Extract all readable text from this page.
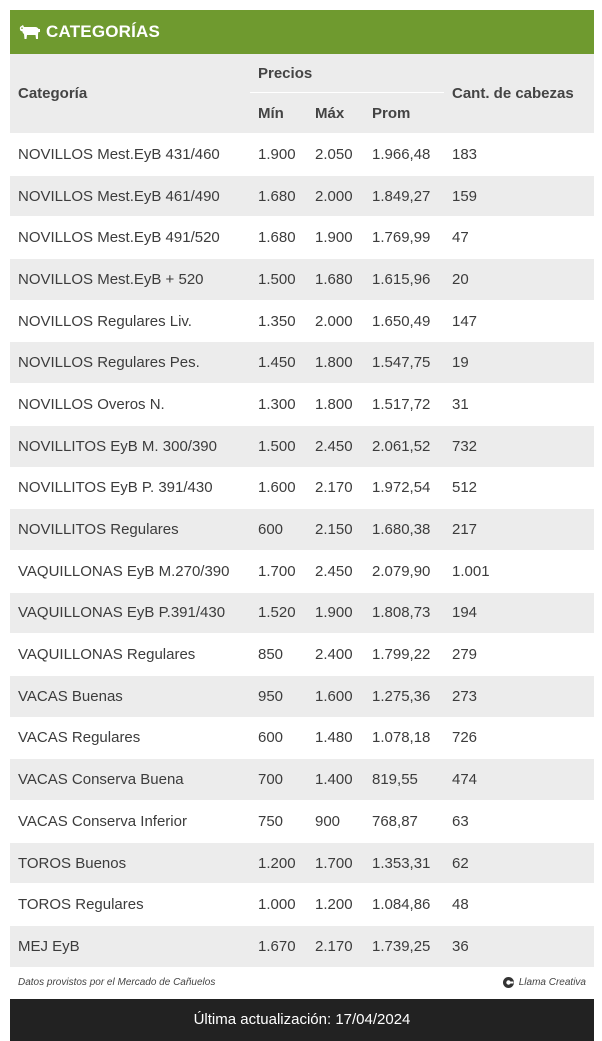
CATEGORÍAS
Categoría	Precios			Cant. de cabezas
	Mín	Máx	Prom	
NOVILLOS Mest.EyB 431/460	1.900	2.050	1.966,48	183
NOVILLOS Mest.EyB 461/490	1.680	2.000	1.849,27	159
NOVILLOS Mest.EyB 491/520	1.680	1.900	1.769,99	47
NOVILLOS Mest.EyB + 520	1.500	1.680	1.615,96	20
NOVILLOS Regulares Liv.	1.350	2.000	1.650,49	147
NOVILLOS Regulares Pes.	1.450	1.800	1.547,75	19
NOVILLOS Overos N.	1.300	1.800	1.517,72	31
NOVILLITOS EyB M. 300/390	1.500	2.450	2.061,52	732
NOVILLITOS EyB P. 391/430	1.600	2.170	1.972,54	512
NOVILLITOS Regulares	600	2.150	1.680,38	217
VAQUILLONAS EyB M.270/390	1.700	2.450	2.079,90	1.001
VAQUILLONAS EyB P.391/430	1.520	1.900	1.808,73	194
VAQUILLONAS Regulares	850	2.400	1.799,22	279
VACAS Buenas	950	1.600	1.275,36	273
VACAS Regulares	600	1.480	1.078,18	726
VACAS Conserva Buena	700	1.400	819,55	474
VACAS Conserva Inferior	750	900	768,87	63
TOROS Buenos	1.200	1.700	1.353,31	62
TOROS Regulares	1.000	1.200	1.084,86	48
MEJ EyB	1.670	2.170	1.739,25	36
Datos provistos por el Mercado de Cañuelos	Llama Creativa
Última actualización: 17/04/2024
